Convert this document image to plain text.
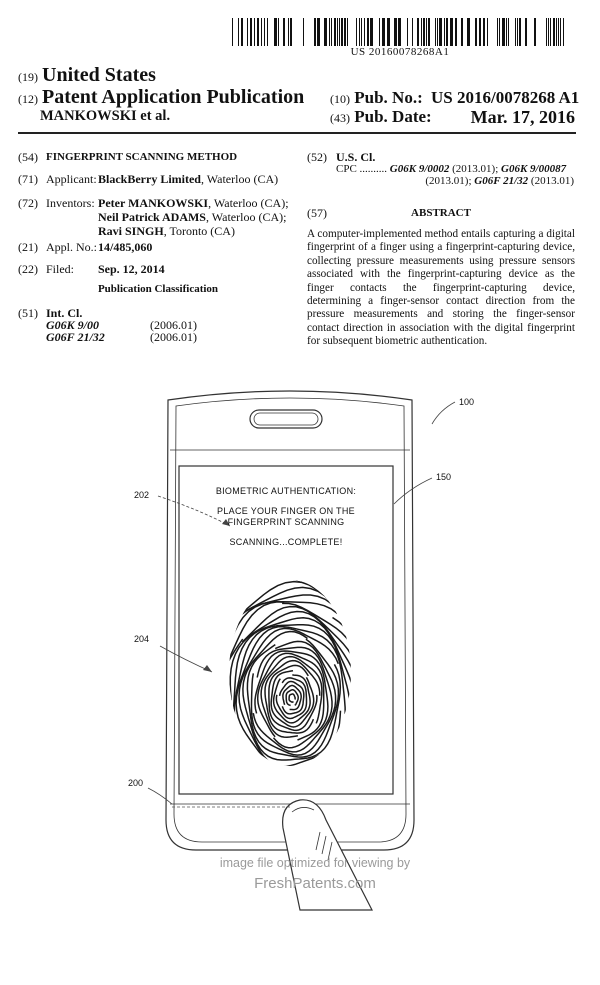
US 20160078268A1
(19) United States
(12) Patent Application Publication
MANKOWSKI et al.
(10) Pub. No.: US 2016/0078268 A1
(43) Pub. Date: Mar. 17, 2016
(54) FINGERPRINT SCANNING METHOD
(71) Applicant: BlackBerry Limited, Waterloo (CA)
(72) Inventors: Peter MANKOWSKI, Waterloo (CA);
Neil Patrick ADAMS, Waterloo (CA);
Ravi SINGH, Toronto (CA)
(21) Appl. No.: 14/485,060
(22) Filed: Sep. 12, 2014
Publication Classification
(51) Int. Cl.
G06K 9/00	(2006.01)
G06F 21/32	(2006.01)
(52) U.S. Cl.
CPC .......... G06K 9/0002 (2013.01); G06K 9/00087
(2013.01); G06F 21/32 (2013.01)
(57)	ABSTRACT
A computer-implemented method entails capturing a digital fingerprint of a finger using a fingerprint-capturing device, collecting pressure measurements using pressure sensors associated with the fingerprint-capturing device as the finger contacts the fingerprint-capturing device, determining a finger-sensor contact direction from the pressure measurements and storing the finger-sensor contact direction in association with the digital fingerprint for subsequent biometric authentication.
100
150
202
204
200
BIOMETRIC AUTHENTICATION:
PLACE YOUR FINGER ON THE
FINGERPRINT SCANNING
SCANNING...COMPLETE!
image file optimized for viewing by
FreshPatents.com
